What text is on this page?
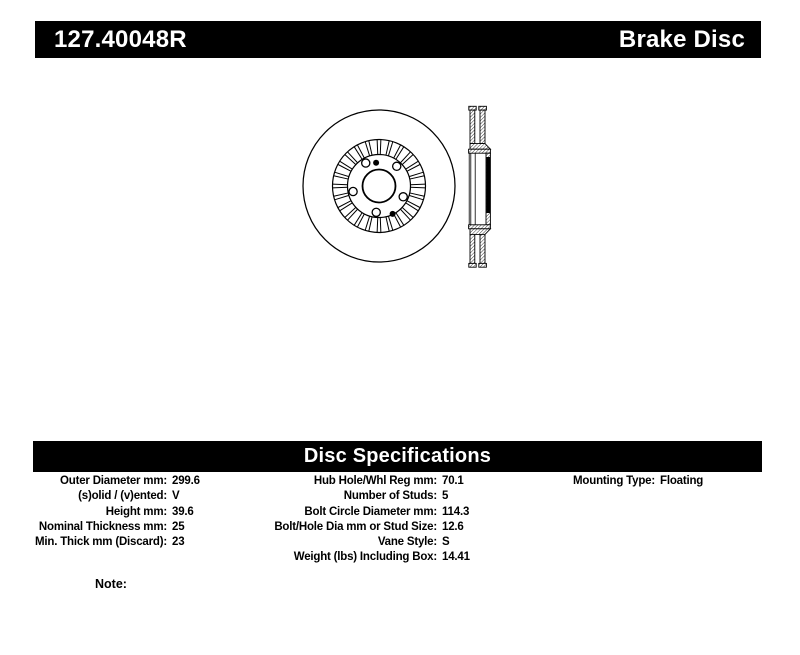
127.40048R	Brake Disc
Disc Specifications
Outer Diameter mm: 299.6
(s)olid / (v)ented: V
Height mm: 39.6
Nominal Thickness mm: 25
Min. Thick mm (Discard): 23
Hub Hole/Whl Reg mm: 70.1
Number of Studs: 5
Bolt Circle Diameter mm: 114.3
Bolt/Hole Dia mm or Stud Size: 12.6
Vane Style: S
Weight (lbs) Including Box: 14.41
Mounting Type: Floating
Note:
